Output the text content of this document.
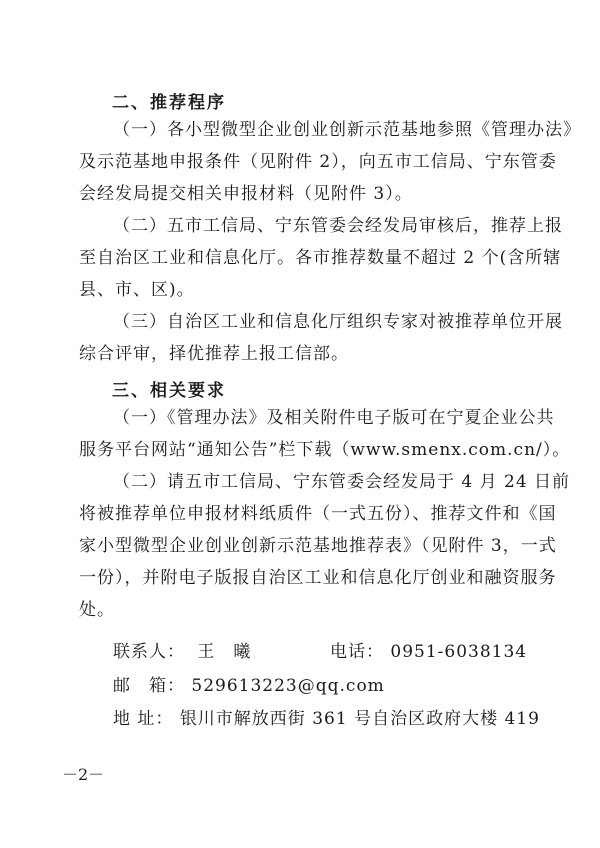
二、推荐程序
（一）各小型微型企业创业创新示范基地参照《管理办法》
及示范基地申报条件（见附件 2），向五市工信局、宁东管委
会经发局提交相关申报材料（见附件 3）。
（二）五市工信局、宁东管委会经发局审核后，推荐上报
至自治区工业和信息化厅。各市推荐数量不超过 2 个(含所辖
县、市、区)。
（三）自治区工业和信息化厅组织专家对被推荐单位开展
综合评审，择优推荐上报工信部。
三、相关要求
（一）《管理办法》及相关附件电子版可在宁夏企业公共
服务平台网站“通知公告”栏下载（www.smenx.com.cn/）。
（二）请五市工信局、宁东管委会经发局于 4 月 24 日前
将被推荐单位申报材料纸质件（一式五份）、推荐文件和《国
家小型微型企业创业创新示范基地推荐表》（见附件 3，一式
一份），并附电子版报自治区工业和信息化厅创业和融资服务
处。
联系人： 王　曦	电话： 0951-6038134
邮　箱： 529613223@qq.com
地 址： 银川市解放西街 361 号自治区政府大楼 419
－2－
